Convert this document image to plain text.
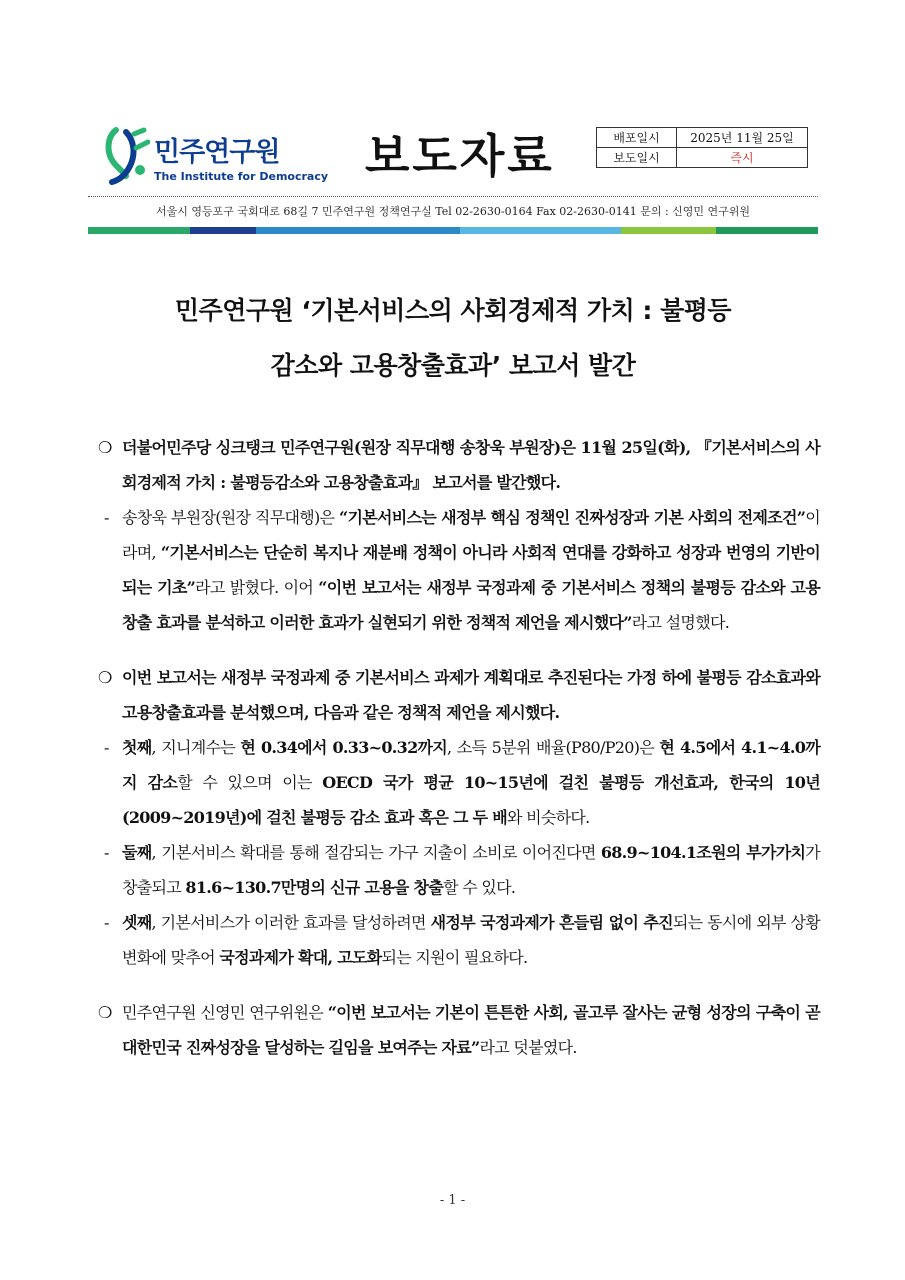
민주연구원
The Institute for Democracy 보도자료	배포일시	2025년 11월 25일
보도일시	즉시
서울시 영등포구 국회대로 68길 7 민주연구원 정책연구실 Tel 02-2630-0164 Fax 02-2630-0141 문의 : 신영민 연구위원
민주연구원 ‘기본서비스의 사회경제적 가치 : 불평등
감소와 고용창출효과’ 보고서 발간
❍ 더불어민주당 싱크탱크 민주연구원(원장 직무대행 송창욱 부원장)은 11월 25일(화), 『기본서비스의 사회경제적 가치 : 불평등감소와 고용창출효과』 보고서를 발간했다.
- 송창욱 부원장(원장 직무대행)은 “기본서비스는 새정부 핵심 정책인 진짜성장과 기본 사회의 전제조건”이라며, “기본서비스는 단순히 복지나 재분배 정책이 아니라 사회적 연대를 강화하고 성장과 번영의 기반이 되는 기초”라고 밝혔다. 이어 “이번 보고서는 새정부 국정과제 중 기본서비스 정책의 불평등 감소와 고용창출 효과를 분석하고 이러한 효과가 실현되기 위한 정책적 제언을 제시했다”라고 설명했다.
❍ 이번 보고서는 새정부 국정과제 중 기본서비스 과제가 계획대로 추진된다는 가정 하에 불평등 감소효과와 고용창출효과를 분석했으며, 다음과 같은 정책적 제언을 제시했다.
- 첫째, 지니계수는 현 0.34에서 0.33~0.32까지, 소득 5분위 배율(P80/P20)은 현 4.5에서 4.1~4.0까지 감소할 수 있으며 이는 OECD 국가 평균 10~15년에 걸친 불평등 개선효과, 한국의 10년(2009~2019년)에 걸친 불평등 감소 효과 혹은 그 두 배와 비슷하다.
- 둘째, 기본서비스 확대를 통해 절감되는 가구 지출이 소비로 이어진다면 68.9~104.1조원의 부가가치가 창출되고 81.6~130.7만명의 신규 고용을 창출할 수 있다.
- 셋째, 기본서비스가 이러한 효과를 달성하려면 새정부 국정과제가 흔들림 없이 추진되는 동시에 외부 상황 변화에 맞추어 국정과제가 확대, 고도화되는 지원이 필요하다.
❍ 민주연구원 신영민 연구위원은 “이번 보고서는 기본이 튼튼한 사회, 골고루 잘사는 균형 성장의 구축이 곧 대한민국 진짜성장을 달성하는 길임을 보여주는 자료”라고 덧붙였다.
- 1 -
